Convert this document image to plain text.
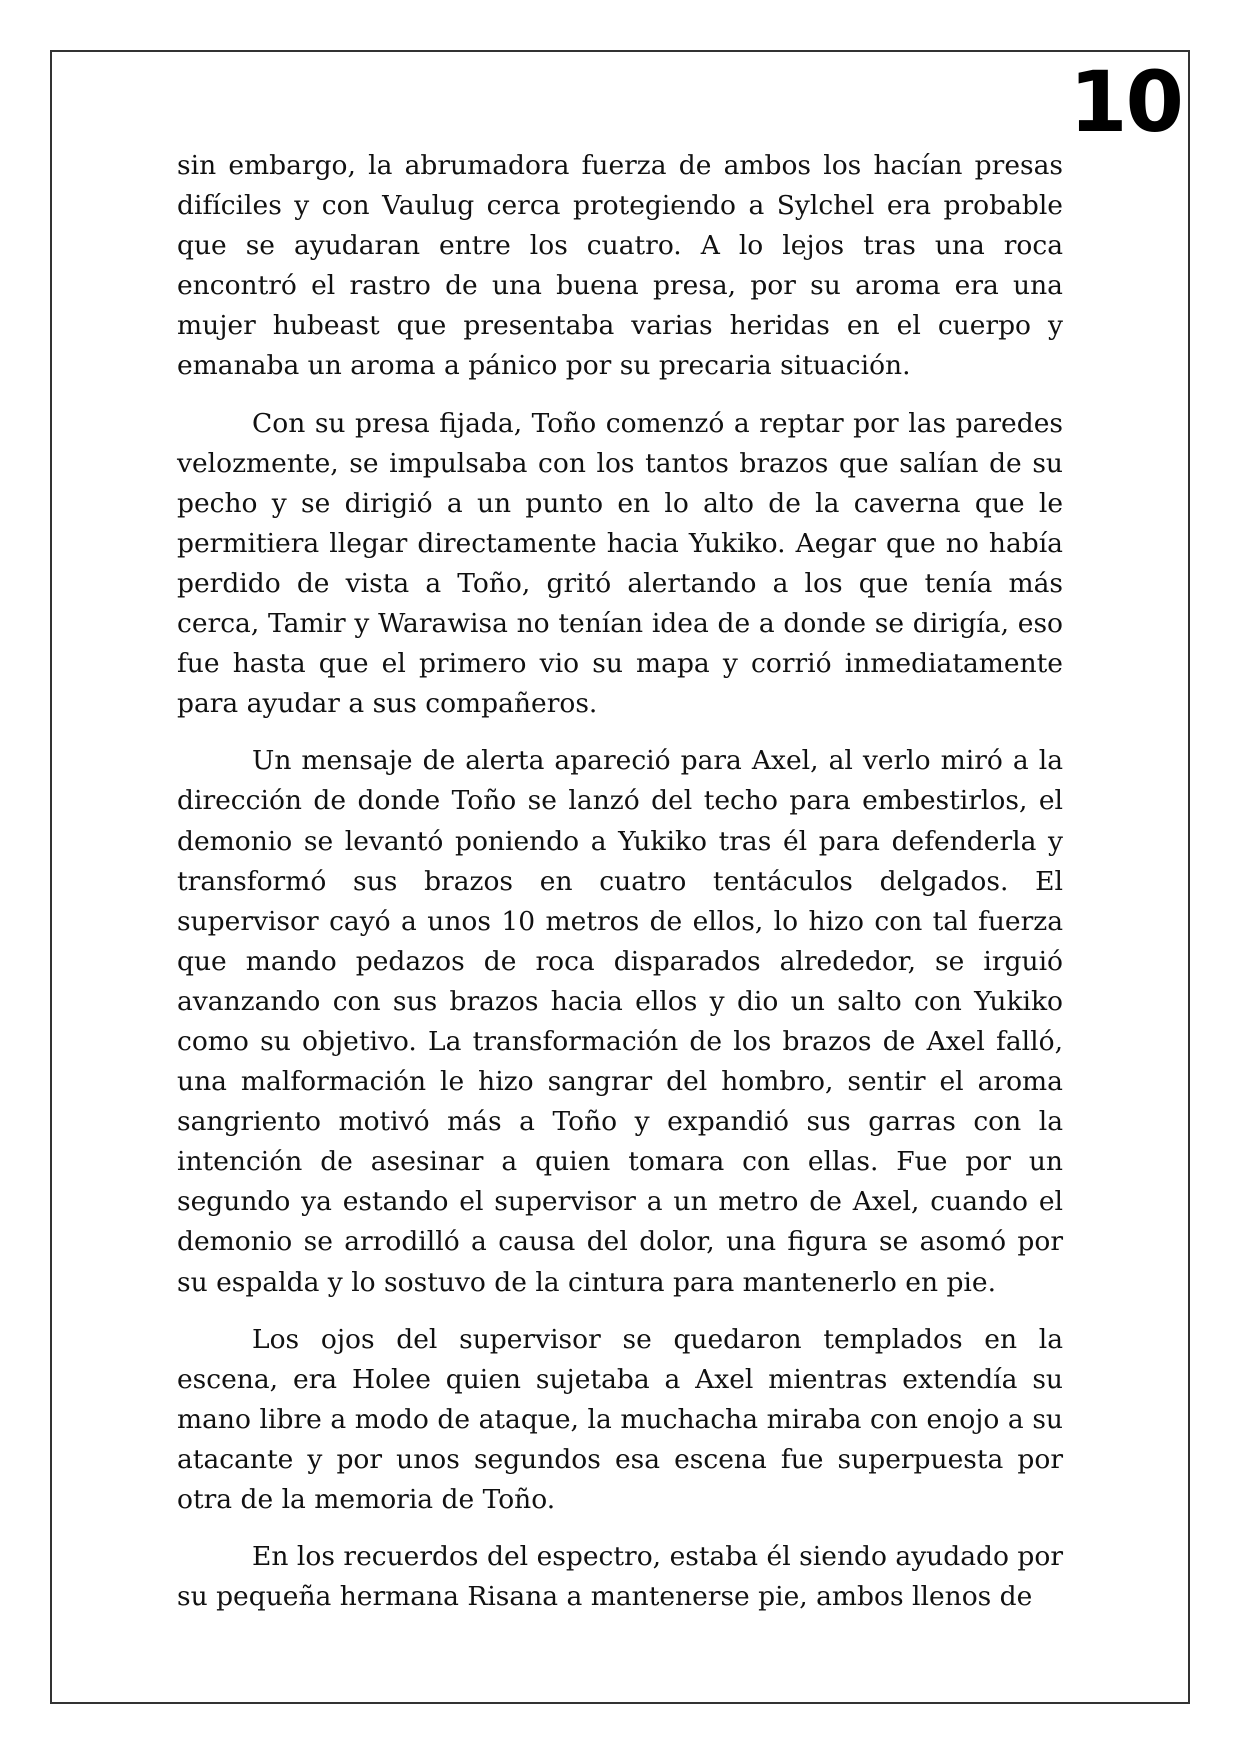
10

sin embargo, la abrumadora fuerza de ambos los hacían presas difíciles y con Vaulug cerca protegiendo a Sylchel era probable que se ayudaran entre los cuatro. A lo lejos tras una roca encontró el rastro de una buena presa, por su aroma era una mujer hubeast que presentaba varias heridas en el cuerpo y emanaba un aroma a pánico por su precaria situación.

Con su presa fijada, Toño comenzó a reptar por las paredes velozmente, se impulsaba con los tantos brazos que salían de su pecho y se dirigió a un punto en lo alto de la caverna que le permitiera llegar directamente hacia Yukiko. Aegar que no había perdido de vista a Toño, gritó alertando a los que tenía más cerca, Tamir y Warawisa no tenían idea de a donde se dirigía, eso fue hasta que el primero vio su mapa y corrió inmediatamente para ayudar a sus compañeros.

Un mensaje de alerta apareció para Axel, al verlo miró a la dirección de donde Toño se lanzó del techo para embestirlos, el demonio se levantó poniendo a Yukiko tras él para defenderla y transformó sus brazos en cuatro tentáculos delgados. El supervisor cayó a unos 10 metros de ellos, lo hizo con tal fuerza que mando pedazos de roca disparados alrededor, se irguió avanzando con sus brazos hacia ellos y dio un salto con Yukiko como su objetivo. La transformación de los brazos de Axel falló, una malformación le hizo sangrar del hombro, sentir el aroma sangriento motivó más a Toño y expandió sus garras con la intención de asesinar a quien tomara con ellas. Fue por un segundo ya estando el supervisor a un metro de Axel, cuando el demonio se arrodilló a causa del dolor, una figura se asomó por su espalda y lo sostuvo de la cintura para mantenerlo en pie.

Los ojos del supervisor se quedaron templados en la escena, era Holee quien sujetaba a Axel mientras extendía su mano libre a modo de ataque, la muchacha miraba con enojo a su atacante y por unos segundos esa escena fue superpuesta por otra de la memoria de Toño.

En los recuerdos del espectro, estaba él siendo ayudado por su pequeña hermana Risana a mantenerse pie, ambos llenos de
